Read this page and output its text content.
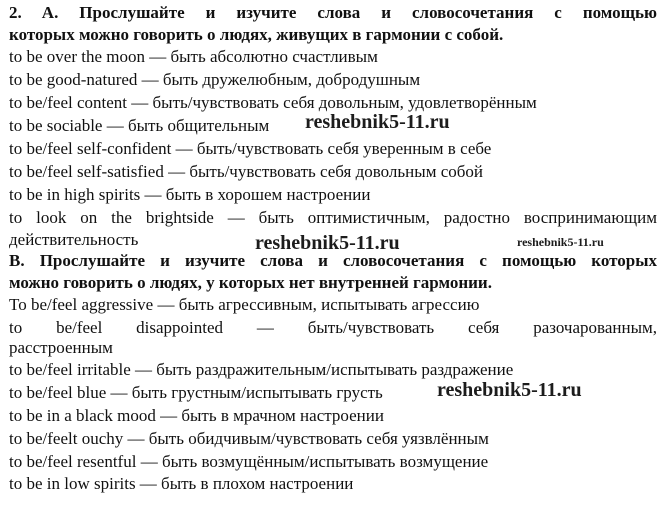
2. A. Прослушайте и изучите слова и словосочетания с помощью
которых можно говорить о людях, живущих в гармонии с собой.
to be over the moon — быть абсолютно счастливым
to be good-natured — быть дружелюбным, добродушным
to be/feel content — быть/чувствовать себя довольным, удовлетворённым
to be sociable — быть общительным
to be/feel self-confident — быть/чувствовать себя уверенным в себе
to be/feel self-satisfied — быть/чувствовать себя довольным собой
to be in high spirits — быть в хорошем настроении
to look on the brightside — быть оптимистичным, радостно воспринимающим
действительность
B. Прослушайте и изучите слова и словосочетания с помощью которых
можно говорить о людях, у которых нет внутренней гармонии.
To be/feel aggressive — быть агрессивным, испытывать агрессию
to be/feel disappointed — быть/чувствовать себя разочарованным,
расстроенным
to be/feel irritable — быть раздражительным/испытывать раздражение
to be/feel blue — быть грустным/испытывать грусть
to be in a black mood — быть в мрачном настроении
to be/feelt ouchy — быть обидчивым/чувствовать себя уязвлённым
to be/feel resentful — быть возмущённым/испытывать возмущение
to be in low spirits — быть в плохом настроении
reshebnik5-11.ru
reshebnik5-11.ru	reshebnik5-11.ru
reshebnik5-11.ru
